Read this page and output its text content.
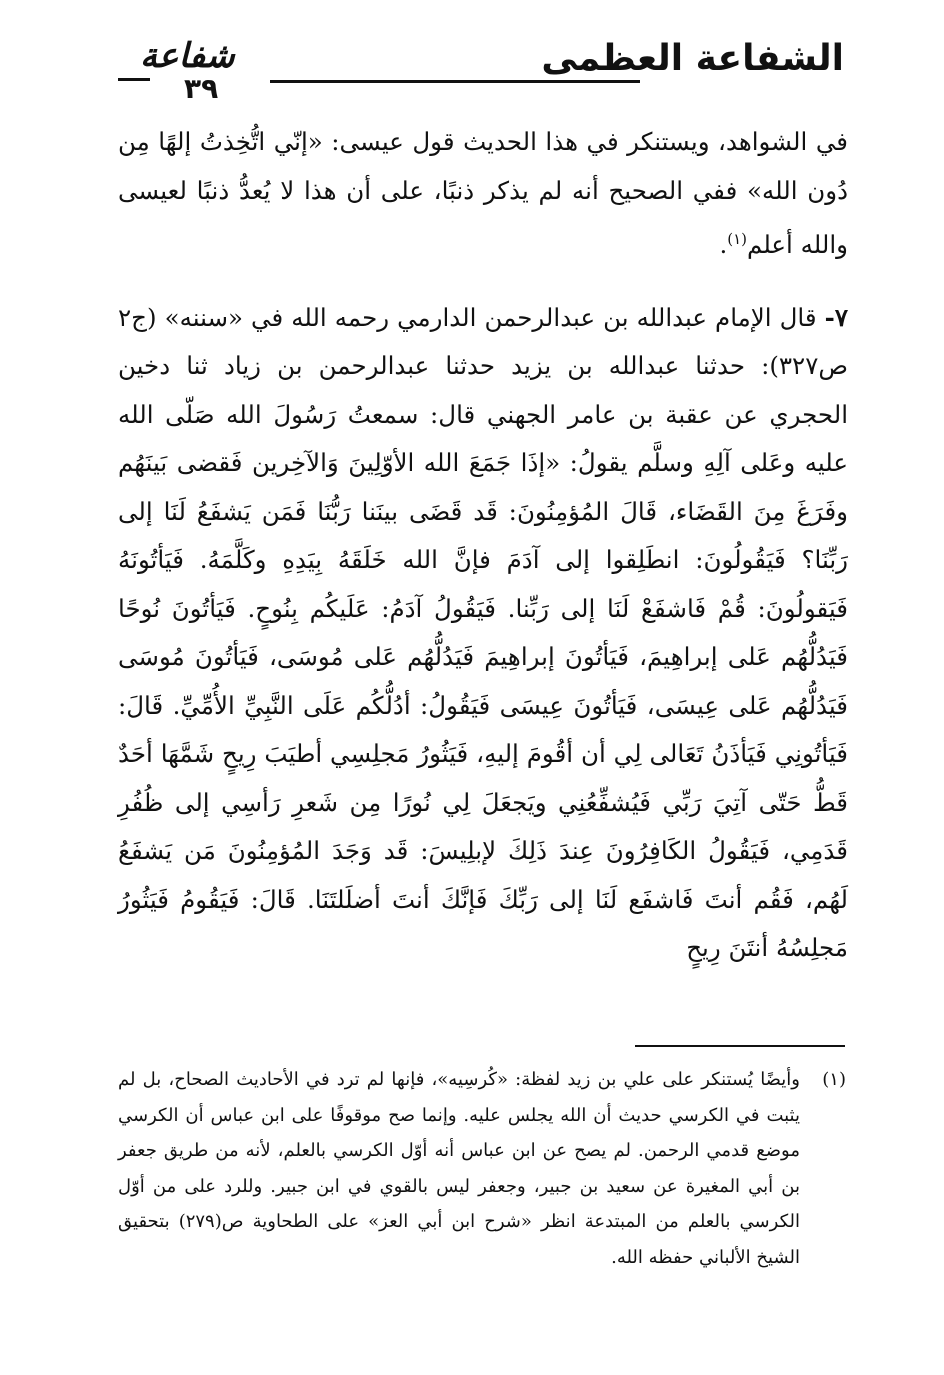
الشفاعة العظمى
شفاعة
٣٩

في الشواهد، ويستنكر في هذا الحديث قول عيسى: «إنّي اتُّخِذتُ إلهًا مِن دُون الله» ففي الصحيح أنه لم يذكر ذنبًا، على أن هذا لا يُعدُّ ذنبًا لعيسى والله أعلم$^{(١)}$.

٧- قال الإمام عبدالله بن عبدالرحمن الدارمي رحمه الله في «سننه» (ج٢ ص٣٢٧): حدثنا عبدالله بن يزيد حدثنا عبدالرحمن بن زياد ثنا دخين الحجري عن عقبة بن عامر الجهني قال: سمعتُ رَسُولَ الله صَلّى الله عليه وعَلى آلِهِ وسلَّم يقولُ: «إذَا جَمَعَ الله الأوّلِينَ وَالآخِرين فَقضى بَينَهُم وفَرَغَ مِنَ القَضَاء، قَالَ المُؤمِنُونَ: قَد قَضَى بينَنا رَبُّنَا فَمَن يَشفَعُ لَنَا إلى رَبِّنَا؟ فَيَقُولُونَ: انطَلِقوا إلى آدَمَ فإنَّ الله خَلَقَهُ بِيَدِهِ وكَلَّمَهُ. فَيَأتُونَهُ فَيَقولُونَ: قُمْ فَاشفَعْ لَنَا إلى رَبِّنا. فَيَقُولُ آدَمُ: عَلَيكُم بِنُوحٍ. فَيَأتُونَ نُوحًا فَيَدُلُّهُم عَلى إبراهِيمَ، فَيَأتُونَ إبراهِيمَ فَيَدُلُّهُم عَلى مُوسَى، فَيَأتُونَ مُوسَى فَيَدُلُّهُم عَلى عِيسَى، فَيَأتُونَ عِيسَى فَيَقُولُ: أدُلُّكُم عَلَى النَّبِيِّ الأُمِّيِّ. قَالَ: فَيَأتُونِي فَيَأذَنُ تَعَالى لِي أن أقُومَ إليهِ، فَيَثُورُ مَجلِسِي أطيَبَ رِيحٍ شَمَّهَا أحَدٌ قَطُّ حَتّى آتِيَ رَبِّي فَيُشفِّعُنِي ويَجعَلَ لِي نُورًا مِن شَعرِ رَأسِي إلى ظُفُرِ قَدَمِي، فَيَقُولُ الكَافِرُونَ عِندَ ذَلِكَ لإبلِيسَ: قَد وَجَدَ المُؤمِنُونَ مَن يَشفَعُ لَهُم، فَقُم أنتَ فَاشفَع لَنَا إلى رَبِّكَ فَإنَّكَ أنتَ أضلَلتَنَا. قَالَ: فَيَقُومُ فَيَثُورُ مَجلِسُهُ أنتَنَ رِيحٍ

(١)

وأيضًا يُستنكر على علي بن زيد لفظة: «كُرسِيه»، فإنها لم ترد في الأحاديث الصحاح، بل لم يثبت في الكرسي حديث أن الله يجلس عليه. وإنما صح موقوفًا على ابن عباس أن الكرسي موضع قدمي الرحمن. لم يصح عن ابن عباس أنه أوّل الكرسي بالعلم، لأنه من طريق جعفر بن أبي المغيرة عن سعيد بن جبير، وجعفر ليس بالقوي في ابن جبير. وللرد على من أوّل الكرسي بالعلم من المبتدعة انظر «شرح ابن أبي العز» على الطحاوية ص(٢٧٩) بتحقيق الشيخ الألباني حفظه الله.
